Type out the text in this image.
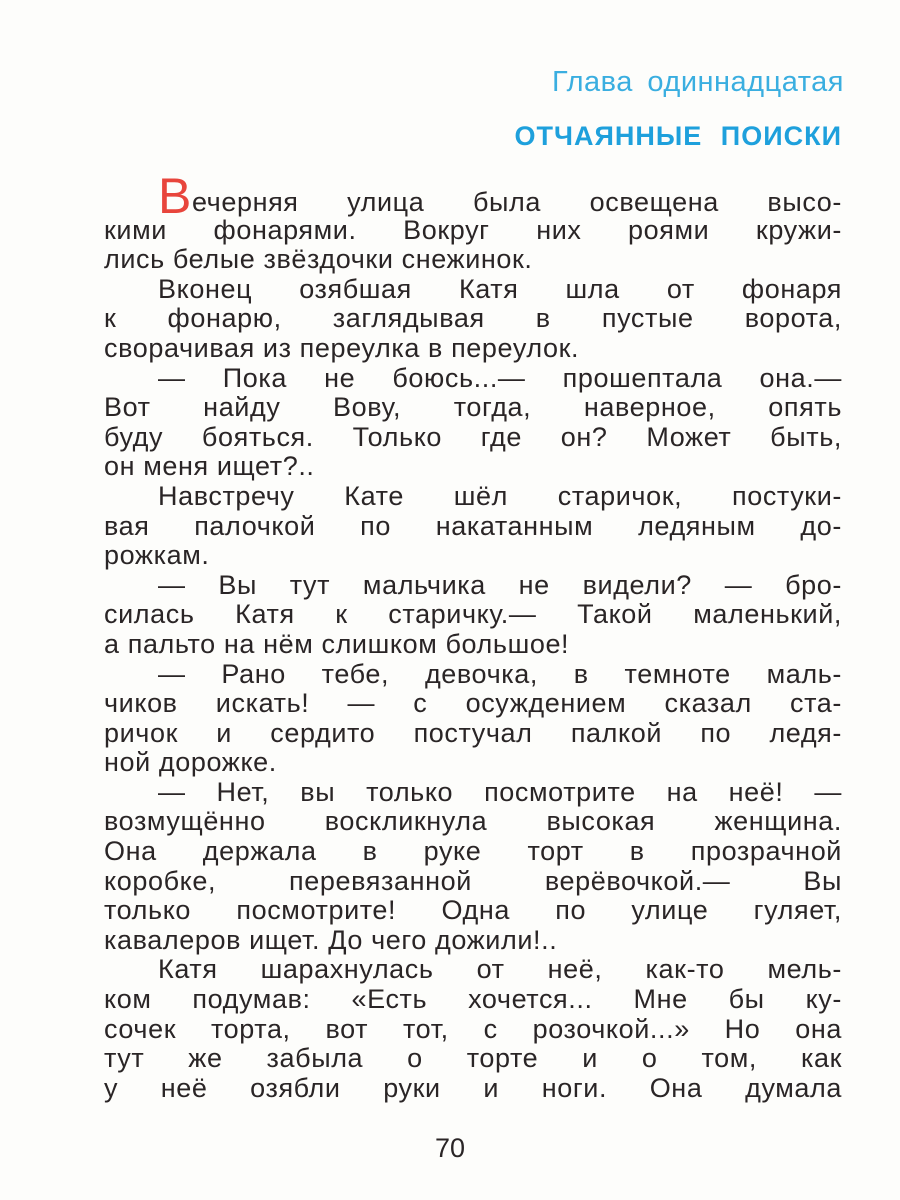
Глава одиннадцатая
ОТЧАЯННЫЕ ПОИСКИ
Вечерняя улица была освещена высо-
кими фонарями. Вокруг них роями кружи-
лись белые звёздочки снежинок.
Вконец озябшая Катя шла от фонаря
к фонарю, заглядывая в пустые ворота,
сворачивая из переулка в переулок.
— Пока не боюсь...— прошептала она.—
Вот найду Вову, тогда, наверное, опять
буду бояться. Только где он? Может быть,
он меня ищет?..
Навстречу Кате шёл старичок, постуки-
вая палочкой по накатанным ледяным до-
рожкам.
— Вы тут мальчика не видели? — бро-
силась Катя к старичку.— Такой маленький,
а пальто на нём слишком большое!
— Рано тебе, девочка, в темноте маль-
чиков искать! — с осуждением сказал ста-
ричок и сердито постучал палкой по ледя-
ной дорожке.
— Нет, вы только посмотрите на неё! —
возмущённо воскликнула высокая женщина.
Она держала в руке торт в прозрачной
коробке, перевязанной верёвочкой.— Вы
только посмотрите! Одна по улице гуляет,
кавалеров ищет. До чего дожили!..
Катя шарахнулась от неё, как-то мель-
ком подумав: «Есть хочется... Мне бы ку-
сочек торта, вот тот, с розочкой...» Но она
тут же забыла о торте и о том, как
у неё озябли руки и ноги. Она думала
70
